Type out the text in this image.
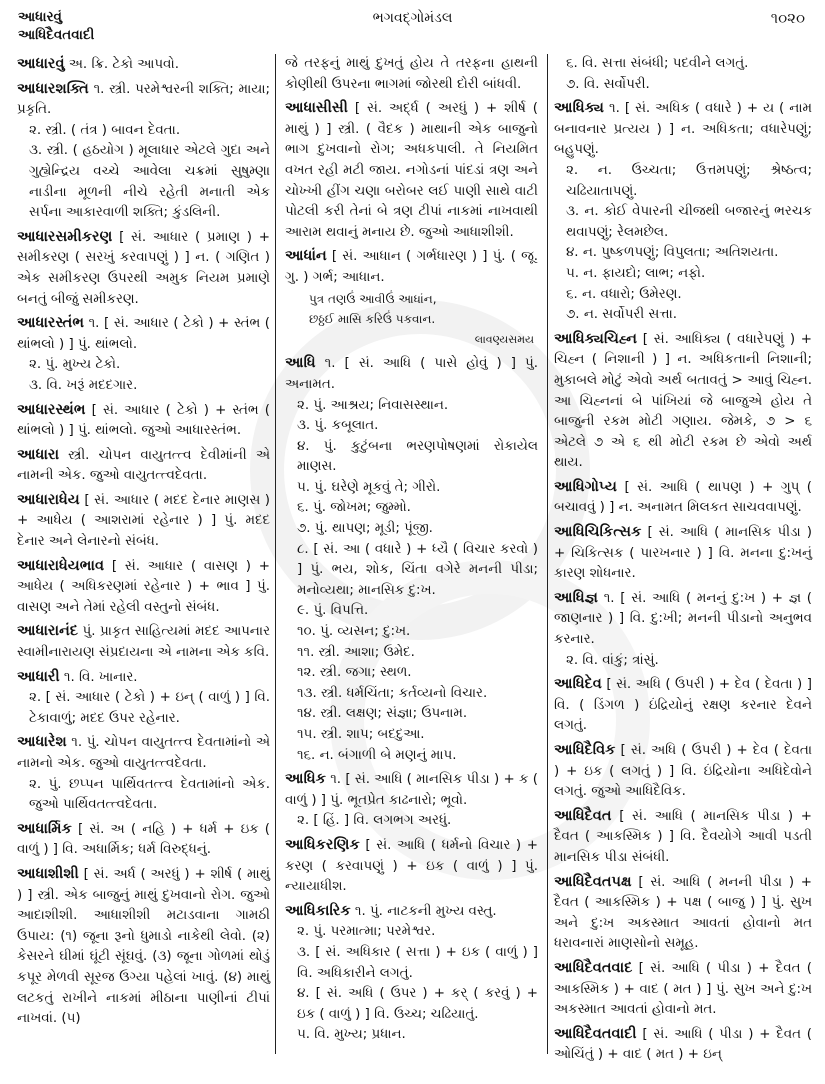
આધારવું
આધિદૈવતવાદી
ભગવદ્ગોમંડલ	૧૦૨૦
આધારવું અ. ક્રિ. ટેકો આપવો.
આધારશક્તિ ૧. સ્ત્રી. પરમેશ્વરની શક્તિ; માયા; પ્રકૃતિ.
૨. સ્ત્રી. ( તંત્ર ) બાવન દેવતા.
૩. સ્ત્રી. ( હઠયોગ ) મૂલાધાર એટલે ગુદા અને ગુહ્યેન્દ્રિય વચ્ચે આવેલા ચક્રમાં સુષુમ્ણા નાડીના મૂળની નીચે રહેતી મનાતી એક સર્પના આકારવાળી શક્તિ; કુંડલિની.
આધારસમીકરણ [ સં. આધાર ( પ્રમાણ ) + સમીકરણ ( સરખું કરવાપણું ) ] ન. ( ગણિત ) એક સમીકરણ ઉપરથી અમુક નિયમ પ્રમાણે બનતું બીજું સમીકરણ.
આધારસ્તંભ ૧. [ સં. આધાર ( ટેકો ) + સ્તંભ ( થાંભલો ) ] પું. થાંભલો.
૨. પું. મુખ્ય ટેકો.
૩. વિ. ખરૂં મદદગાર.
આધારસ્થંભ [ સં. આધાર ( ટેકો ) + સ્તંભ ( થાંભલો ) ] પું. થાંભલો. જુઓ આધારસ્તંભ.
આધારા સ્ત્રી. ચોપન વાયુતત્ત્વ દેવીમાંની એ નામની એક. જુઓ વાયુતત્ત્વદેવતા.
આધારાધેય [ સં. આધાર ( મદદ દેનાર માણસ ) + આધેય ( આશરામાં રહેનાર ) ] પું. મદદ દેનાર અને લેનારનો સંબંધ.
આધારાધેયભાવ [ સં. આધાર ( વાસણ ) + આધેય ( અધિકરણમાં રહેનાર ) + ભાવ ] પું. વાસણ અને તેમાં રહેલી વસ્તુનો સંબંધ.
આધારાનંદ પું. પ્રાકૃત સાહિત્યમાં મદદ આપનાર સ્વામીનારાયણ સંપ્રદાયના એ નામના એક કવિ.
આધારી ૧. વિ. ખાનાર.
૨. [ સં. આધાર ( ટેકો ) + ઇન્ ( વાળું ) ] વિ. ટેકાવાળું; મદદ ઉપર રહેનાર.
આધારેશ ૧. પું. ચોપન વાયુતત્ત્વ દેવતામાંનો એ નામનો એક. જુઓ વાયુતત્ત્વદેવતા.
૨. પું. છપ્પન પાર્થિવતત્ત્વ દેવતામાંનો એક. જુઓ પાર્થિવતત્ત્વદેવતા.
આધાર્મિક [ સં. અ ( નહિ ) + ધર્મ + ઇક ( વાળું ) ] વિ. અધાર્મિક; ધર્મ વિરુદ્ધનું.
આધાશીશી [ સં. અર્ધ ( અરધું ) + શીર્ષ ( માથું ) ] સ્ત્રી. એક બાજુનું માથું દુખવાનો રોગ. જુઓ આદાશીશી. આધાશીશી મટાડવાના ગામઠી ઉપાય: (૧) જૂના રૂનો ધુમાડો નાકેથી લેવો. (૨) કેસરને ઘીમાં ઘૂંટી સૂંઘવું. (૩) જૂના ગોળમાં થોડું કપૂર મેળવી સૂરજ ઉગ્યા પહેલાં ખાવું. (૪) માથું લટકતું રાખીને નાકમાં મીઠાના પાણીનાં ટીપાં નાખવાં. (૫)
જે તરફનું માથું દુખતું હોય તે તરફના હાથની કોણીથી ઉપરના ભાગમાં જોરથી દોરી બાંધવી.
આધાસીસી [ સં. અર્દ્ધ ( અરધું ) + શીર્ષ ( માથું ) ] સ્ત્રી. ( વૈદક ) માથાની એક બાજુનો ભાગ દુખવાનો રોગ; અધકપાલી. તે નિયમિત વખત રહી મટી જાય. નગોડનાં પાંદડાં ત્રણ અને ચોખ્ખી હીંગ ચણા બરોબર લઈ પાણી સાથે વાટી પોટલી કરી તેનાં બે ત્રણ ટીપાં નાકમાં નાખવાથી આરામ થવાનું મનાય છે. જુઓ આધાશીશી.
આધાંન [ સં. આધાન ( ગર્ભધારણ ) ] પું. ( જૂ. ગુ. ) ગર્ભ; આધાન.
પુત્ર તણઉં આવીઉં આધાંન,
છઠ્ઠઈ માસિ કરિઉં પકવાન.
લાવણ્યસમય
આધિ ૧. [ સં. આધિ ( પાસે હોવું ) ] પું. અનામત.
૨. પું. આશ્રય; નિવાસસ્થાન.
૩. પું. કબૂલાત.
૪. પું. કુટુંબના ભરણપોષણમાં રોકાયેલ માણસ.
૫. પું. ઘરેણે મૂકવું તે; ગીરો.
૬. પું. જોખમ; જુમ્મો.
૭. પું. થાપણ; મૂડી; પૂંજી.
૮. [ સં. આ ( વધારે ) + ધ્યૈ ( વિચાર કરવો ) ] પું. ભય, શોક, ચિંતા વગેરે મનની પીડા; મનોવ્યથા; માનસિક દુ:ખ.
૯. પું. વિપત્તિ.
૧૦. પું. વ્યસન; દુ:ખ.
૧૧. સ્ત્રી. આશા; ઉમેદ.
૧૨. સ્ત્રી. જગા; સ્થળ.
૧૩. સ્ત્રી. ધર્મચિંતા; કર્તવ્યનો વિચાર.
૧૪. સ્ત્રી. લક્ષણ; સંજ્ઞા; ઉપનામ.
૧૫. સ્ત્રી. શાપ; બદદુઆ.
૧૬. ન. બંગાળી બે મણનું માપ.
આધિક ૧. [ સં. આધિ ( માનસિક પીડા ) + ક ( વાળું ) ] પું. ભૂતપ્રેત કાઢનારો; ભૂવો.
૨. [ હિં. ] વિ. લગભગ અરધું.
આધિકરણિક [ સં. આધિ ( ધર્મનો વિચાર ) + કરણ ( કરવાપણું ) + ઇક ( વાળું ) ] પું. ન્યાયાધીશ.
આધિકારિક ૧. પું. નાટકની મુખ્ય વસ્તુ.
૨. પું. પરમાત્મા; પરમેશ્વર.
૩. [ સં. અધિકાર ( સત્તા ) + ઇક ( વાળું ) ] વિ. અધિકારીને લગતું.
૪. [ સં. અધિ ( ઉપર ) + કર્ ( કરવું ) + ઇક ( વાળું ) ] વિ. ઉચ્ચ; ચઢિયાતું.
૫. વિ. મુખ્ય; પ્રધાન.
૬. વિ. સત્તા સંબંધી; પદવીને લગતું.
૭. વિ. સર્વોપરી.
આધિક્ય ૧. [ સં. અધિક ( વધારે ) + ય ( નામ બનાવનાર પ્રત્યય ) ] ન. અધિકતા; વધારેપણું; બહુપણું.
૨. ન. ઉચ્ચતા; ઉત્તમપણું; શ્રેષ્ઠત્વ; ચઢિયાતાપણું.
૩. ન. કોઈ વેપારની ચીજથી બજારનું ભરચક થવાપણું; રેલમછેલ.
૪. ન. પુષ્કળપણું; વિપુલતા; અતિશયતા.
૫. ન. ફાયદો; લાભ; નફો.
૬. ન. વધારો; ઉમેરણ.
૭. ન. સર્વોપરી સત્તા.
આધિક્યચિહ્ન [ સં. આધિક્ય ( વધારેપણું ) + ચિહ્ન ( નિશાની ) ] ન. અધિકતાની નિશાની; મુકાબલે મોટું એવો અર્થ બતાવતું > આવું ચિહ્ન. આ ચિહ્નનાં બે પાંખિયાં જે બાજુએ હોય તે બાજુની રકમ મોટી ગણાય. જેમકે, ૭ > ૬ એટલે ૭ એ ૬ થી મોટી રકમ છે એવો અર્થ થાય.
આધિગોપ્ય [ સં. આધિ ( થાપણ ) + ગુપ્ ( બચાવવું ) ] ન. અનામત મિલકત સાચવવાપણું.
આધિચિકિત્સક [ સં. આધિ ( માનસિક પીડા ) + ચિકિત્સક ( પારખનાર ) ] વિ. મનના દુ:ખનું કારણ શોધનાર.
આધિજ્ઞ ૧. [ સં. આધિ ( મનનું દુ:ખ ) + જ્ઞ ( જાણનાર ) ] વિ. દુ:ખી; મનની પીડાનો અનુભવ કરનાર.
૨. વિ. વાંકું; ત્રાંસું.
આધિદેવ [ સં. અધિ ( ઉપરી ) + દેવ ( દેવતા ) ] વિ. ( ડિંગળ ) ઇંદ્રિયોનું રક્ષણ કરનાર દેવને લગતું.
આધિદૈવિક [ સં. અધિ ( ઉપરી ) + દેવ ( દેવતા ) + ઇક ( લગતું ) ] વિ. ઇંદ્રિયોના અધિદેવોને લગતું. જુઓ આધિદૈવિક.
આધિદૈવત [ સં. આધિ ( માનસિક પીડા ) + દૈવત ( આકસ્મિક ) ] વિ. દૈવયોગે આવી પડતી માનસિક પીડા સંબંધી.
આધિદૈવતપક્ષ [ સં. આધિ ( મનની પીડા ) + દૈવત ( આકસ્મિક ) + પક્ષ ( બાજુ ) ] પું. સુખ અને દુ:ખ અકસ્માત આવતાં હોવાનો મત ધરાવનારાં માણસોનો સમૂહ.
આધિદૈવતવાદ [ સં. આધિ ( પીડા ) + દૈવત ( આકસ્મિક ) + વાદ ( મત ) ] પું. સુખ અને દુ:ખ અકસ્માત આવતાં હોવાનો મત.
આધિદૈવતવાદી [ સં. આધિ ( પીડા ) + દૈવત ( ઓચિંતું ) + વાદ ( મત ) + ઇન્
